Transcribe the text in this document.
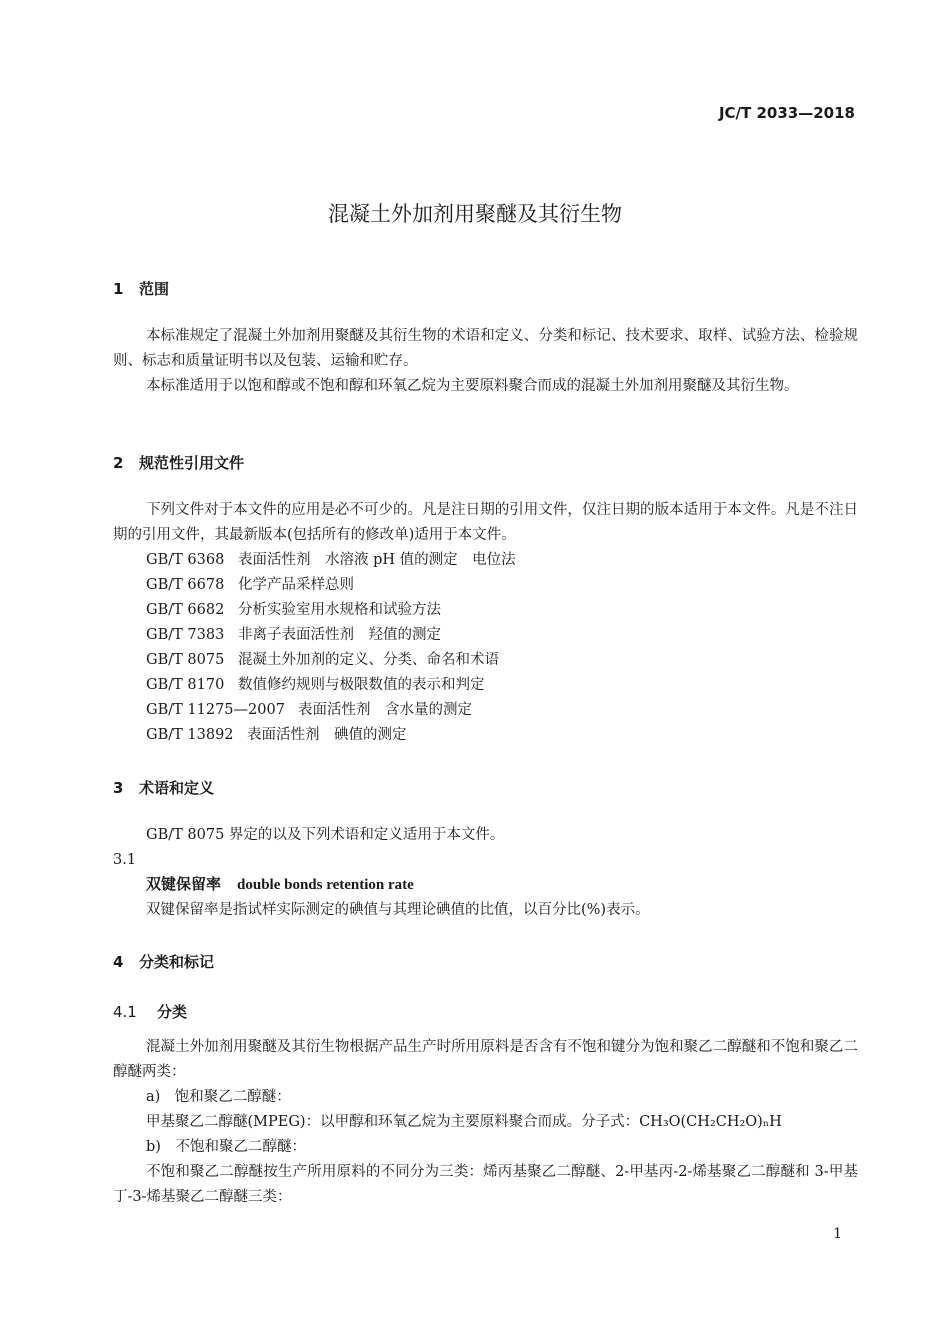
JC/T 2033—2018
混凝土外加剂用聚醚及其衍生物
1 范围
本标准规定了混凝土外加剂用聚醚及其衍生物的术语和定义、分类和标记、技术要求、取样、试验方法、检验规则、标志和质量证明书以及包装、运输和贮存。
本标准适用于以饱和醇或不饱和醇和环氧乙烷为主要原料聚合而成的混凝土外加剂用聚醚及其衍生物。
2 规范性引用文件
下列文件对于本文件的应用是必不可少的。凡是注日期的引用文件，仅注日期的版本适用于本文件。凡是不注日期的引用文件，其最新版本(包括所有的修改单)适用于本文件。
GB/T 6368 表面活性剂　水溶液 pH 值的测定　电位法
GB/T 6678 化学产品采样总则
GB/T 6682 分析实验室用水规格和试验方法
GB/T 7383 非离子表面活性剂　羟值的测定
GB/T 8075 混凝土外加剂的定义、分类、命名和术语
GB/T 8170 数值修约规则与极限数值的表示和判定
GB/T 11275—2007 表面活性剂　含水量的测定
GB/T 13892 表面活性剂　碘值的测定
3 术语和定义
GB/T 8075 界定的以及下列术语和定义适用于本文件。
3.1
双键保留率 double bonds retention rate
双键保留率是指试样实际测定的碘值与其理论碘值的比值，以百分比(%)表示。
4 分类和标记
4.1 分类
混凝土外加剂用聚醚及其衍生物根据产品生产时所用原料是否含有不饱和键分为饱和聚乙二醇醚和不饱和聚乙二醇醚两类：
a)　饱和聚乙二醇醚：
甲基聚乙二醇醚(MPEG)：以甲醇和环氧乙烷为主要原料聚合而成。分子式：CH₃O(CH₂CH₂O)ₙH
b)　不饱和聚乙二醇醚：
不饱和聚乙二醇醚按生产所用原料的不同分为三类：烯丙基聚乙二醇醚、2-甲基丙-2-烯基聚乙二醇醚和 3-甲基丁-3-烯基聚乙二醇醚三类：
1
